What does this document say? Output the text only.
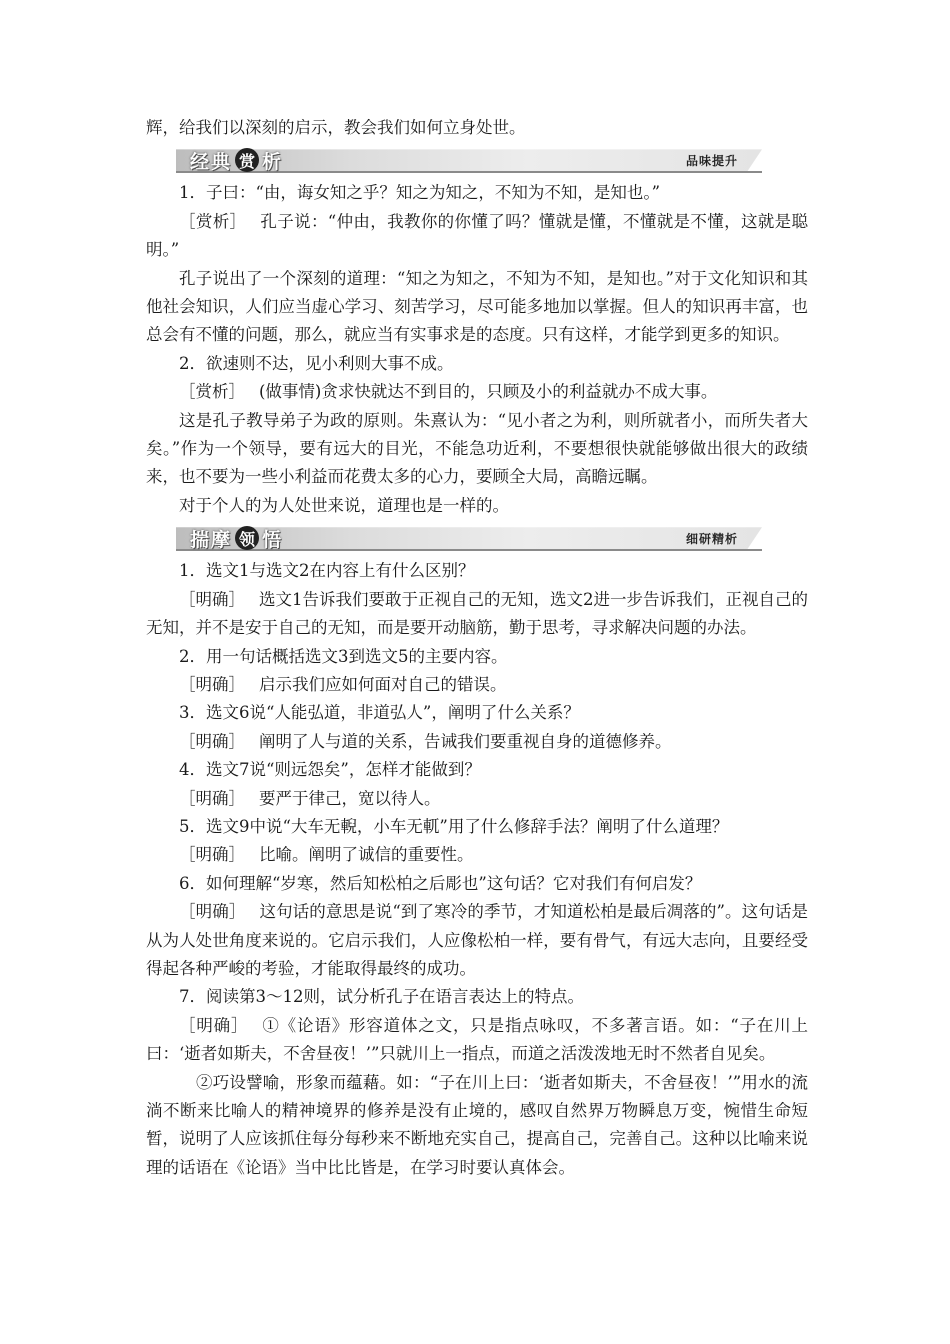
辉，给我们以深刻的启示，教会我们如何立身处世。

经典 赏 析	品味提升

1．子曰：“由，诲女知之乎？知之为知之，不知为不知，是知也。”

［赏析］ 孔子说：“仲由，我教你的你懂了吗？懂就是懂，不懂就是不懂，这就是聪明。”

孔子说出了一个深刻的道理：“知之为知之，不知为不知，是知也。”对于文化知识和其他社会知识，人们应当虚心学习、刻苦学习，尽可能多地加以掌握。但人的知识再丰富，也总会有不懂的问题，那么，就应当有实事求是的态度。只有这样，才能学到更多的知识。

2．欲速则不达，见小利则大事不成。

［赏析］ (做事情)贪求快就达不到目的，只顾及小的利益就办不成大事。

这是孔子教导弟子为政的原则。朱熹认为：“见小者之为利，则所就者小，而所失者大矣。”作为一个领导，要有远大的目光，不能急功近利，不要想很快就能够做出很大的政绩来，也不要为一些小利益而花费太多的心力，要顾全大局，高瞻远瞩。

对于个人的为人处世来说，道理也是一样的。

揣摩 领 悟	细研精析

1．选文1与选文2在内容上有什么区别？

［明确］ 选文1告诉我们要敢于正视自己的无知，选文2进一步告诉我们，正视自己的无知，并不是安于自己的无知，而是要开动脑筋，勤于思考，寻求解决问题的办法。

2．用一句话概括选文3到选文5的主要内容。

［明确］ 启示我们应如何面对自己的错误。

3．选文6说“人能弘道，非道弘人”，阐明了什么关系？

［明确］ 阐明了人与道的关系，告诫我们要重视自身的道德修养。

4．选文7说“则远怨矣”，怎样才能做到？

［明确］ 要严于律己，宽以待人。

5．选文9中说“大车无輗，小车无軏”用了什么修辞手法？阐明了什么道理？

［明确］ 比喻。阐明了诚信的重要性。

6．如何理解“岁寒，然后知松柏之后彫也”这句话？它对我们有何启发？

［明确］ 这句话的意思是说“到了寒冷的季节，才知道松柏是最后凋落的”。这句话是从为人处世角度来说的。它启示我们，人应像松柏一样，要有骨气，有远大志向，且要经受得起各种严峻的考验，才能取得最终的成功。

7．阅读第3～12则，试分析孔子在语言表达上的特点。

［明确］ ①《论语》形容道体之文，只是指点咏叹，不多著言语。如：“子在川上曰：‘逝者如斯夫，不舍昼夜！’”只就川上一指点，而道之活泼泼地无时不然者自见矣。

②巧设譬喻，形象而蕴藉。如：“子在川上曰：‘逝者如斯夫，不舍昼夜！’”用水的流淌不断来比喻人的精神境界的修养是没有止境的，感叹自然界万物瞬息万变，惋惜生命短暂，说明了人应该抓住每分每秒来不断地充实自己，提高自己，完善自己。这种以比喻来说理的话语在《论语》当中比比皆是，在学习时要认真体会。
